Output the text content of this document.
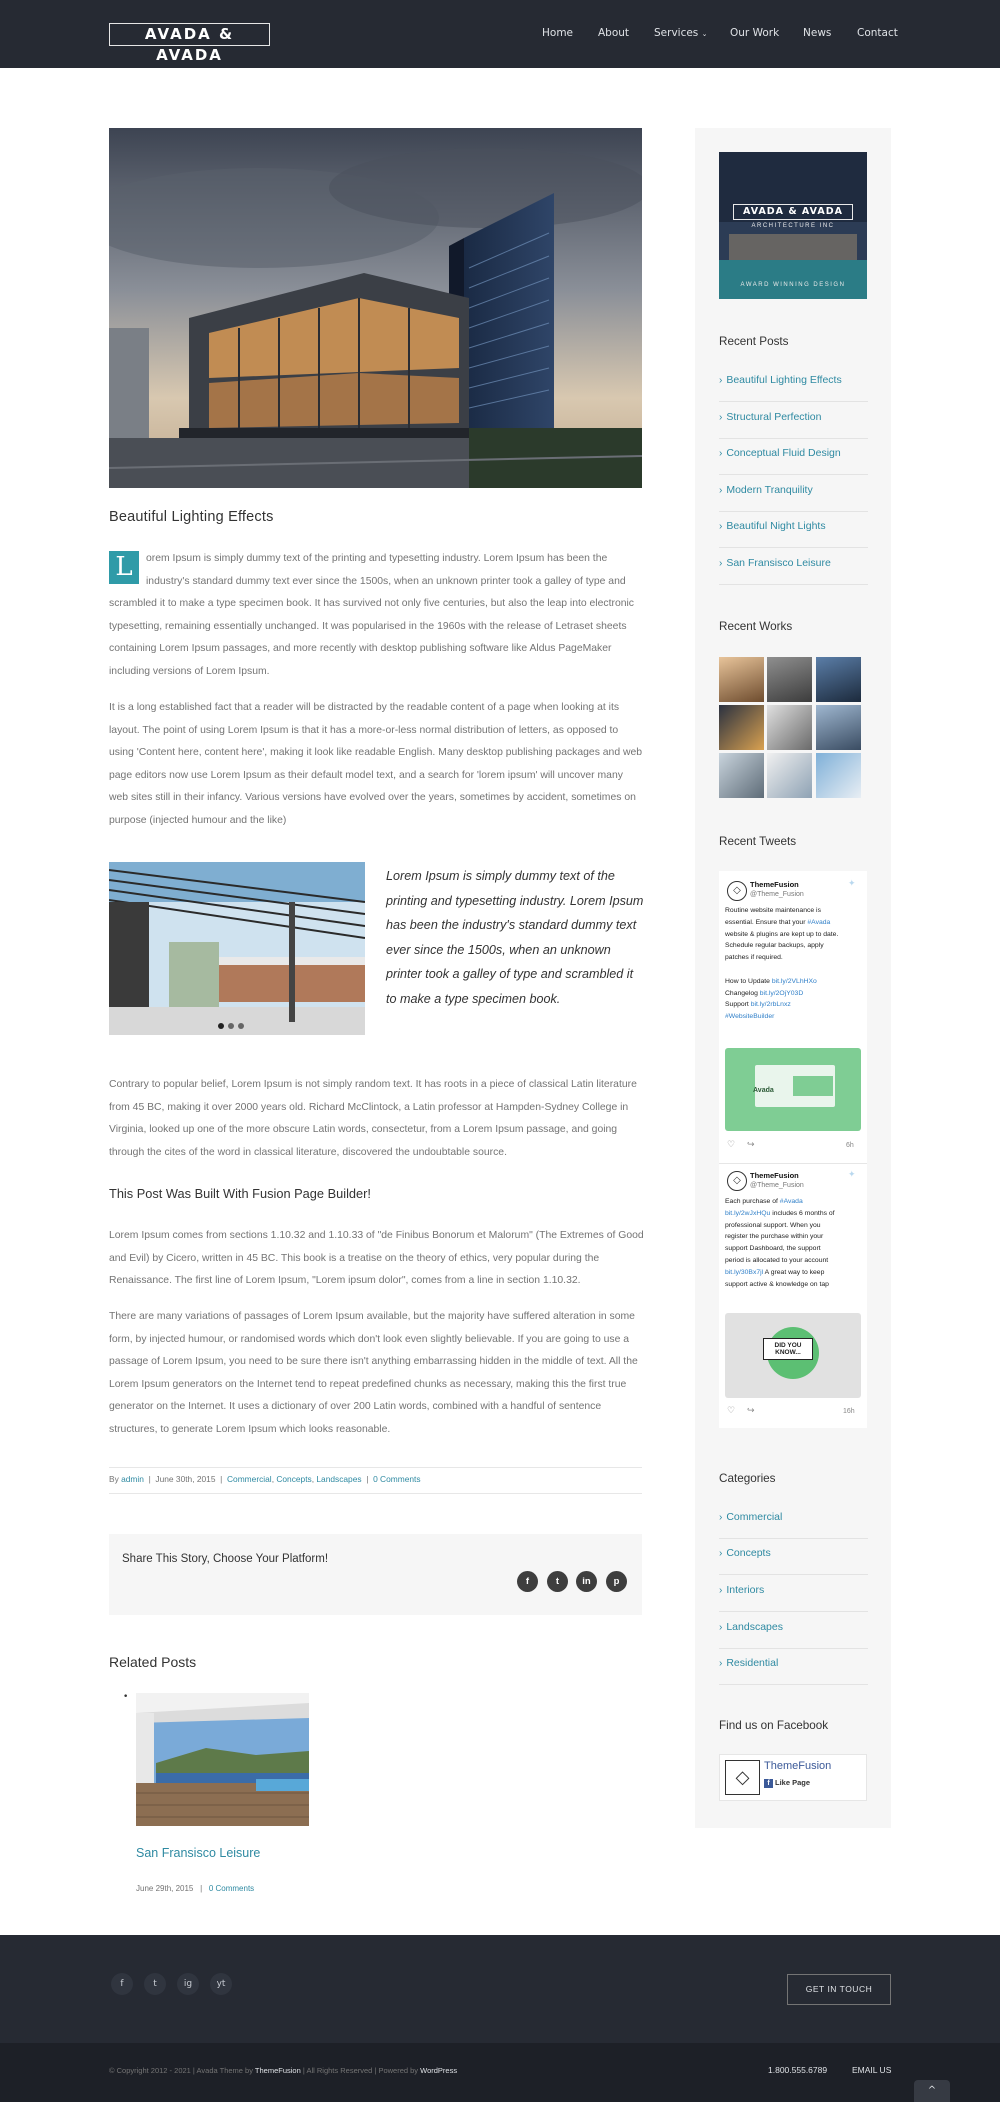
AVADA & AVADA
Home About Services ⌄ Our Work News Contact
Beautiful Lighting Effects
L	orem Ipsum is simply dummy text of the printing and typesetting industry. Lorem Ipsum has been the industry's standard dummy text ever since the 1500s, when an unknown printer took a galley of type and scrambled it to make a type specimen book. It has survived not only five centuries, but also the leap into electronic typesetting, remaining essentially unchanged. It was popularised in the 1960s with the release of Letraset sheets containing Lorem Ipsum passages, and more recently with desktop publishing software like Aldus PageMaker including versions of Lorem Ipsum.
It is a long established fact that a reader will be distracted by the readable content of a page when looking at its layout. The point of using Lorem Ipsum is that it has a more-or-less normal distribution of letters, as opposed to using 'Content here, content here', making it look like readable English. Many desktop publishing packages and web page editors now use Lorem Ipsum as their default model text, and a search for 'lorem ipsum' will uncover many web sites still in their infancy. Various versions have evolved over the years, sometimes by accident, sometimes on purpose (injected humour and the like)
Lorem Ipsum is simply dummy text of the printing and typesetting industry. Lorem Ipsum has been the industry's standard dummy text ever since the 1500s, when an unknown printer took a galley of type and scrambled it to make a type specimen book.
Contrary to popular belief, Lorem Ipsum is not simply random text. It has roots in a piece of classical Latin literature from 45 BC, making it over 2000 years old. Richard McClintock, a Latin professor at Hampden-Sydney College in Virginia, looked up one of the more obscure Latin words, consectetur, from a Lorem Ipsum passage, and going through the cites of the word in classical literature, discovered the undoubtable source.
This Post Was Built With Fusion Page Builder!
Lorem Ipsum comes from sections 1.10.32 and 1.10.33 of "de Finibus Bonorum et Malorum" (The Extremes of Good and Evil) by Cicero, written in 45 BC. This book is a treatise on the theory of ethics, very popular during the Renaissance. The first line of Lorem Ipsum, "Lorem ipsum dolor", comes from a line in section 1.10.32.
There are many variations of passages of Lorem Ipsum available, but the majority have suffered alteration in some form, by injected humour, or randomised words which don't look even slightly believable. If you are going to use a passage of Lorem Ipsum, you need to be sure there isn't anything embarrassing hidden in the middle of text. All the Lorem Ipsum generators on the Internet tend to repeat predefined chunks as necessary, making this the first true generator on the Internet. It uses a dictionary of over 200 Latin words, combined with a handful of sentence structures, to generate Lorem Ipsum which looks reasonable.
By admin | June 30th, 2015 | Commercial, Concepts, Landscapes | 0 Comments
Share This Story, Choose Your Platform!
f	t	in	p
Related Posts
•
San Fransisco Leisure
June 29th, 2015 | 0 Comments
AVADA & AVADA
ARCHITECTURE INC
AWARD WINNING DESIGN
Recent Posts
› Beautiful Lighting Effects
› Structural Perfection
› Conceptual Fluid Design
› Modern Tranquility
› Beautiful Night Lights
› San Fransisco Leisure
Recent Works
Recent Tweets
◇
ThemeFusion
@Theme_Fusion
✦
Routine website maintenance is
essential. Ensure that your #Avada
website & plugins are kept up to date.
Schedule regular backups, apply
patches if required.
How to Update bit.ly/2VLhHXo
Changelog bit.ly/2OjY03D
Support bit.ly/2rbLnxz
#WebsiteBuilder
Avada
♡ ↪	6h
◇	ThemeFusion
@Theme_Fusion
✦
Each purchase of #Avada
bit.ly/2wJxHQu includes 6 months of
professional support. When you
register the purchase within your
support Dashboard, the support
period is allocated to your account
bit.ly/30Bx7jl A great way to keep
support active & knowledge on tap
DID YOU KNOW...
♡ ↪	16h
Categories
› Commercial
› Concepts
› Interiors
› Landscapes
› Residential
Find us on Facebook
◇
ThemeFusion
f Like Page
f	t	ig	yt	GET IN TOUCH
© Copyright 2012 - 2021 | Avada Theme by ThemeFusion | All Rights Reserved | Powered by WordPress	1.800.555.6789	EMAIL US
^
